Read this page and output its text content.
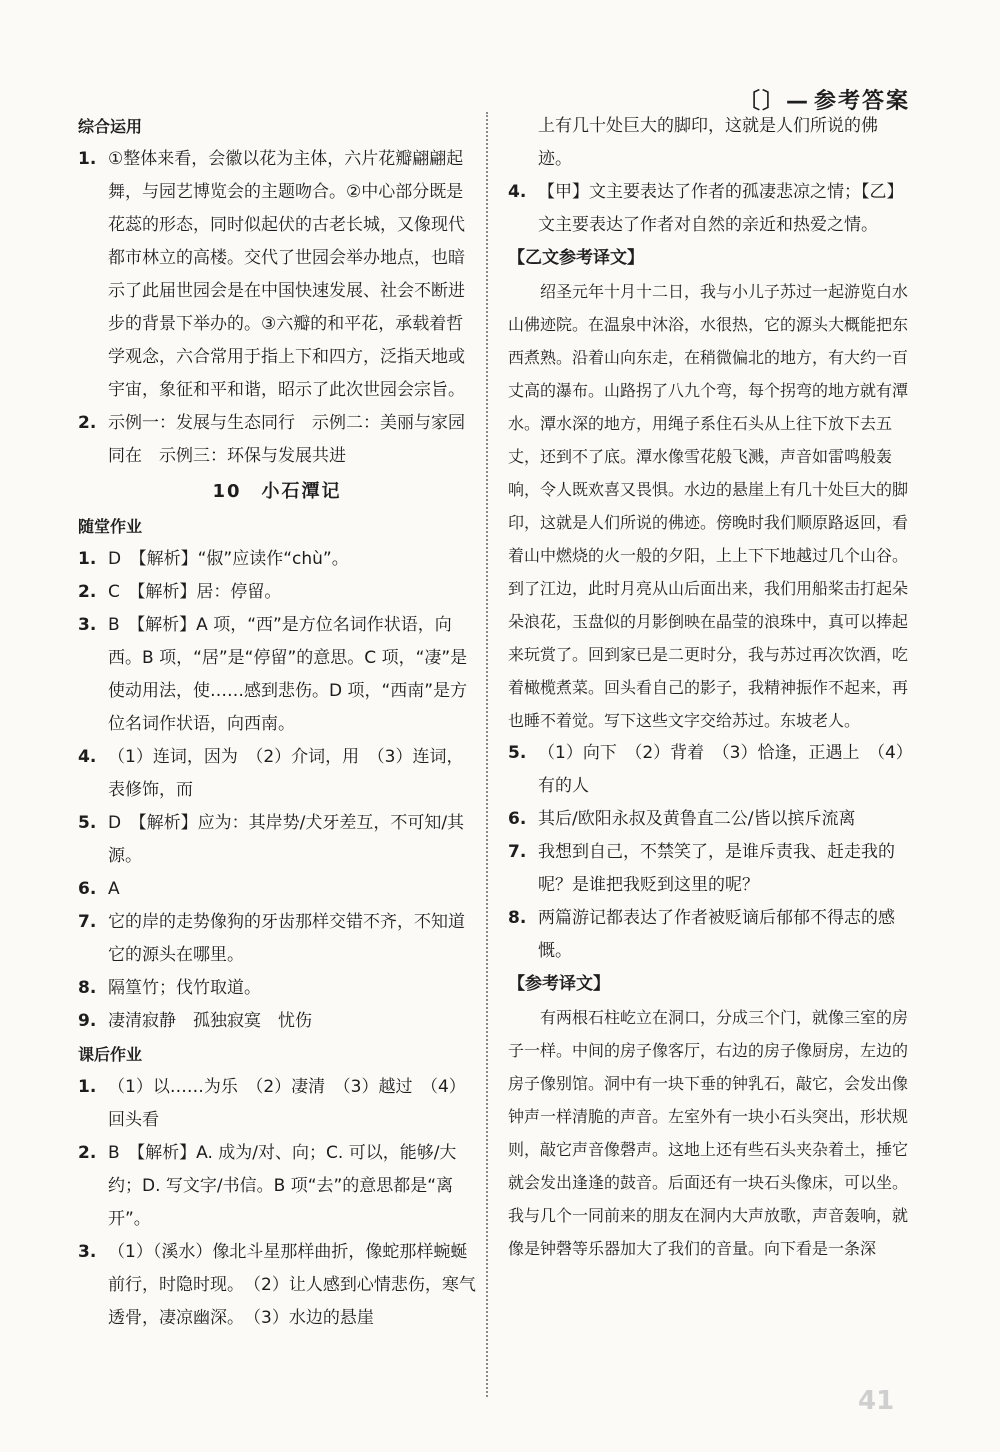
〔〕— 参考答案
综合运用
1. ①整体来看，会徽以花为主体，六片花瓣翩翩起舞，与园艺博览会的主题吻合。②中心部分既是花蕊的形态，同时似起伏的古老长城，又像现代都市林立的高楼。交代了世园会举办地点，也暗示了此届世园会是在中国快速发展、社会不断进步的背景下举办的。③六瓣的和平花，承载着哲学观念，六合常用于指上下和四方，泛指天地或宇宙，象征和平和谐，昭示了此次世园会宗旨。
2. 示例一：发展与生态同行　示例二：美丽与家园同在　示例三：环保与发展共进
10　小石潭记
随堂作业
1. D　【解析】“俶”应读作“chù”。
2. C　【解析】居：停留。
3. B　【解析】A 项，“西”是方位名词作状语，向西。B 项，“居”是“停留”的意思。C 项，“凄”是使动用法，使……感到悲伤。D 项，“西南”是方位名词作状语，向西南。
4. （1）连词，因为　（2）介词，用　（3）连词，表修饰，而
5. D　【解析】应为：其岸势/犬牙差互，不可知/其源。
6. A
7. 它的岸的走势像狗的牙齿那样交错不齐，不知道它的源头在哪里。
8. 隔篁竹；伐竹取道。
9. 凄清寂静　孤独寂寞　忧伤
课后作业
1. （1）以……为乐　（2）凄清　（3）越过　（4）回头看
2. B　【解析】A. 成为/对、向；C. 可以，能够/大约；D. 写文字/书信。B 项“去”的意思都是“离开”。
3. （1）（溪水）像北斗星那样曲折，像蛇那样蜿蜒前行，时隐时现。　（2）让人感到心情悲伤，寒气透骨，凄凉幽深。　（3）水边的悬崖
上有几十处巨大的脚印，这就是人们所说的佛迹。
4. 【甲】文主要表达了作者的孤凄悲凉之情；【乙】文主要表达了作者对自然的亲近和热爱之情。
【乙文参考译文】
绍圣元年十月十二日，我与小儿子苏过一起游览白水山佛迹院。在温泉中沐浴，水很热，它的源头大概能把东西煮熟。沿着山向东走，在稍微偏北的地方，有大约一百丈高的瀑布。山路拐了八九个弯，每个拐弯的地方就有潭水。潭水深的地方，用绳子系住石头从上往下放下去五丈，还到不了底。潭水像雪花般飞溅，声音如雷鸣般轰响，令人既欢喜又畏惧。水边的悬崖上有几十处巨大的脚印，这就是人们所说的佛迹。傍晚时我们顺原路返回，看着山中燃烧的火一般的夕阳，上上下下地越过几个山谷。到了江边，此时月亮从山后面出来，我们用船桨击打起朵朵浪花，玉盘似的月影倒映在晶莹的浪珠中，真可以捧起来玩赏了。回到家已是二更时分，我与苏过再次饮酒，吃着橄榄煮菜。回头看自己的影子，我精神振作不起来，再也睡不着觉。写下这些文字交给苏过。东坡老人。
5. （1）向下　（2）背着　（3）恰逢，正遇上　（4）有的人
6. 其后/欧阳永叔及黄鲁直二公/皆以摈斥流离
7. 我想到自己，不禁笑了，是谁斥责我、赶走我的呢？是谁把我贬到这里的呢？
8. 两篇游记都表达了作者被贬谪后郁郁不得志的感慨。
【参考译文】
有两根石柱屹立在洞口，分成三个门，就像三室的房子一样。中间的房子像客厅，右边的房子像厨房，左边的房子像别馆。洞中有一块下垂的钟乳石，敲它，会发出像钟声一样清脆的声音。左室外有一块小石头突出，形状规则，敲它声音像磬声。这地上还有些石头夹杂着土，捶它就会发出逢逢的鼓音。后面还有一块石头像床，可以坐。我与几个一同前来的朋友在洞内大声放歌，声音轰响，就像是钟磬等乐器加大了我们的音量。向下看是一条深
41
